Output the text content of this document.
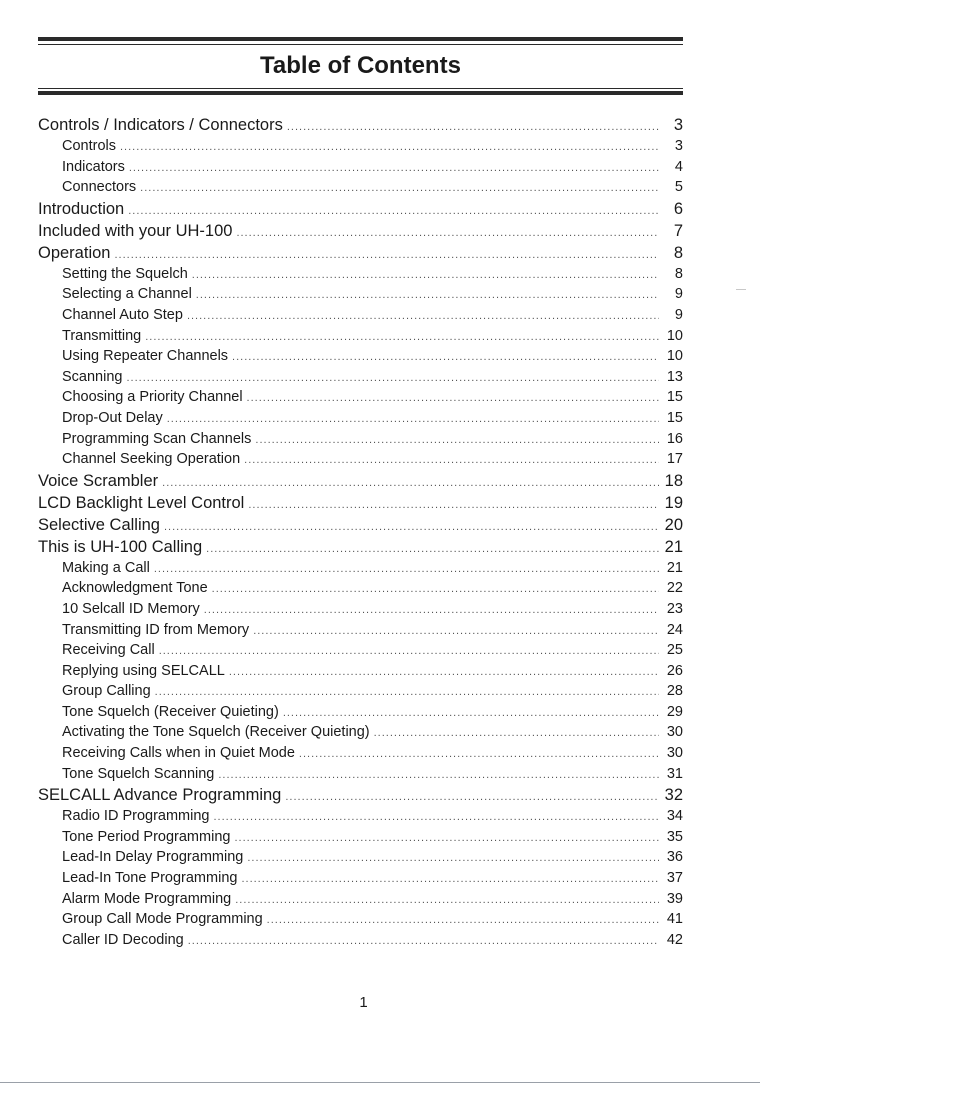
Table of Contents
Controls / Indicators / Connectors .....	3
Controls .....	3
Indicators .....	4
Connectors .....	5
Introduction .....	6
Included with your UH-100 .....	7
Operation .....	8
Setting the Squelch .....	8
Selecting a Channel .....	9
Channel Auto Step .....	9
Transmitting .....	10
Using Repeater Channels .....	10
Scanning .....	13
Choosing a Priority Channel .....	15
Drop-Out Delay .....	15
Programming Scan Channels .....	16
Channel Seeking Operation .....	17
Voice Scrambler .....	18
LCD Backlight Level Control .....	19
Selective Calling .....	20
This is UH-100 Calling .....	21
Making a Call .....	21
Acknowledgment Tone .....	22
10 Selcall ID Memory .....	23
Transmitting ID from Memory .....	24
Receiving Call .....	25
Replying using SELCALL .....	26
Group Calling .....	28
Tone Squelch (Receiver Quieting) .....	29
Activating the Tone Squelch (Receiver Quieting) .....	30
Receiving Calls when in Quiet Mode .....	30
Tone Squelch Scanning .....	31
SELCALL Advance Programming .....	32
Radio ID Programming .....	34
Tone Period Programming .....	35
Lead-In Delay Programming .....	36
Lead-In Tone Programming .....	37
Alarm Mode Programming .....	39
Group Call Mode Programming .....	41
Caller ID Decoding .....	42
1
